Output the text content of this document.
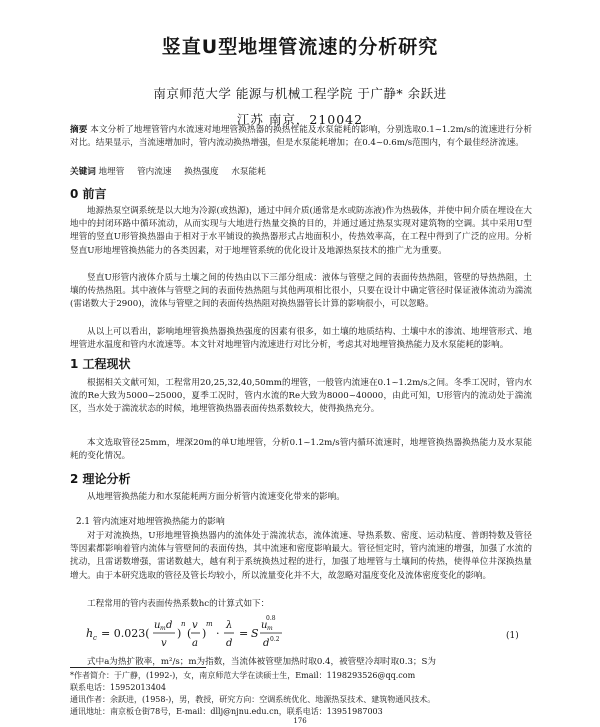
竖直U型地埋管流速的分析研究
南京师范大学 能源与机械工程学院 于广静* 余跃进
江苏 南京，210042
摘要 本文分析了地埋管管内水流速对地埋管换热器的换热性能及水泵能耗的影响，分别选取0.1~1.2m/s的流速进行分析对比。结果显示，当流速增加时，管内流动换热增强，但是水泵能耗增加；在0.4~0.6m/s范围内，有个最佳经济流速。
关键词 地埋管 管内流速 换热强度 水泵能耗
0 前言

地源热泵空调系统是以大地为冷源(或热源)，通过中间介质(通常是水或防冻液)作为热载体，并使中间介质在埋设在大地中的封闭环路中循环流动，从而实现与大地进行热量交换的目的，并通过通过热泵实现对建筑物的空调。其中采用U型埋管的竖直U形管换热器由于相对于水平铺设的换热器形式占地面积小，传热效率高，在工程中得到了广泛的应用。分析竖直U形地埋管换热能力的各类因素，对于地埋管系统的优化设计及地源热泵技术的推广尤为重要。

竖直U形管内液体介质与土壤之间的传热由以下三部分组成：液体与管壁之间的表面传热热阻，管壁的导热热阻，土壤的传热热阻。其中液体与管壁之间的表面传热热阻与其他两项相比很小，只要在设计中确定管径时保证液体流动为湍流(雷诺数大于2900)，流体与管壁之间的表面传热热阻对换热器管长计算的影响很小，可以忽略。

从以上可以看出，影响地埋管换热器换热强度的因素有很多，如土壤的地质结构、土壤中水的渗流、地埋管形式、地埋管进水温度和管内水流速等。本文针对地埋管内流速进行对比分析，考虑其对地埋管换热能力及水泵能耗的影响。

1 工程现状

根据相关文献可知，工程常用20,25,32,40,50mm的埋管，一般管内流速在0.1~1.2m/s之间。冬季工况时，管内水流的Re大致为5000~25000，夏季工况时，管内水流的Re大致为8000~40000，由此可知，U形管内的流动处于湍流区，当水处于湍流状态的时候，地埋管换热器表面传热系数较大，使得换热充分。

本文选取管径25mm，埋深20m的单U地埋管，分析0.1~1.2m/s管内循环流速时，地埋管换热器换热能力及水泵能耗的变化情况。

2 理论分析

从地埋管换热能力和水泵能耗两方面分析管内流速变化带来的影响。

2.1 管内流速对地埋管换热能力的影响

对于对流换热，U形地埋管换热器内的流体处于湍流状态，流体流速、导热系数、密度、运动粘度、普朗特数及管径等因素都影响着管内流体与管壁间的表面传热，其中流速和密度影响最大。管径恒定时，管内流速的增强，加强了水流的扰动，且雷诺数增强，雷诺数越大，越有利于系统换热过程的进行，加强了地埋管与土壤间的传热，使得单位井深换热量增大。由于本研究选取的管径及管长均较小，所以流量变化并不大，故忽略对温度变化及流体密度变化的影响。

工程常用的管内表面传热系数hc的计算式如下：

h c = 0.023(
u m d
v
)
n
(
v
a
)
m
·
λ
d
= S
0.8
u m
d 0.2	(1)

式中a为热扩散率，m²/s；m为指数，当流体被管壁加热时取0.4，被管壁冷却时取0.3；S为

*作者简介：于广静，(1992-)，女，南京师范大学在读硕士生，Email：1198293526@qq.com
联系电话：15952013404
通讯作者：余跃进，(1958-)，男，教授，研究方向：空调系统优化、地源热泵技术、建筑物通风技术。
通讯地址：南京板仓街78号，E-mail：dllj@njnu.edu.cn，联系电话：13951987003
176
